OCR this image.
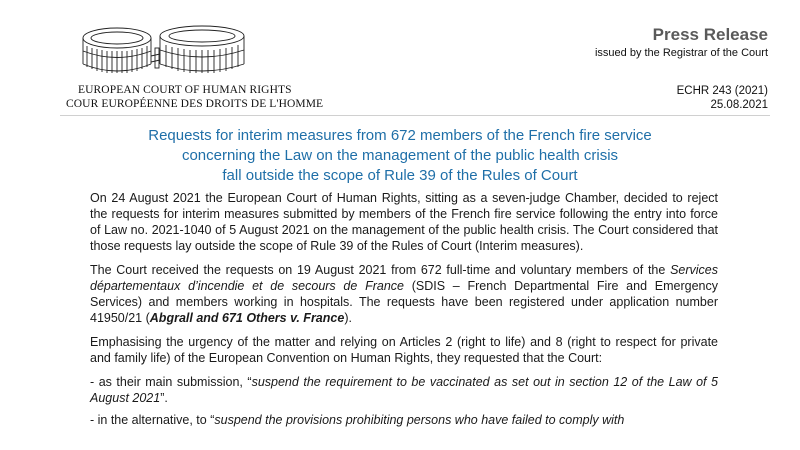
EUROPEAN COURT OF HUMAN RIGHTS
COUR EUROPÉENNE DES DROITS DE L'HOMME
Press Release
issued by the Registrar of the Court
ECHR 243 (2021)
25.08.2021
Requests for interim measures from 672 members of the French fire service
concerning the Law on the management of the public health crisis
fall outside the scope of Rule 39 of the Rules of Court

On 24 August 2021 the European Court of Human Rights, sitting as a seven-judge Chamber, decided to reject the requests for interim measures submitted by members of the French fire service following the entry into force of Law no. 2021-1040 of 5 August 2021 on the management of the public health crisis. The Court considered that those requests lay outside the scope of Rule 39 of the Rules of Court (Interim measures).

The Court received the requests on 19 August 2021 from 672 full-time and voluntary members of the Services départementaux d’incendie et de secours de France (SDIS – French Departmental Fire and Emergency Services) and members working in hospitals. The requests have been registered under application number 41950/21 (Abgrall and 671 Others v. France).

Emphasising the urgency of the matter and relying on Articles 2 (right to life) and 8 (right to respect for private and family life) of the European Convention on Human Rights, they requested that the Court:

- as their main submission, “suspend the requirement to be vaccinated as set out in section 12 of the Law of 5 August 2021”.

- in the alternative, to “suspend the provisions prohibiting persons who have failed to comply with
